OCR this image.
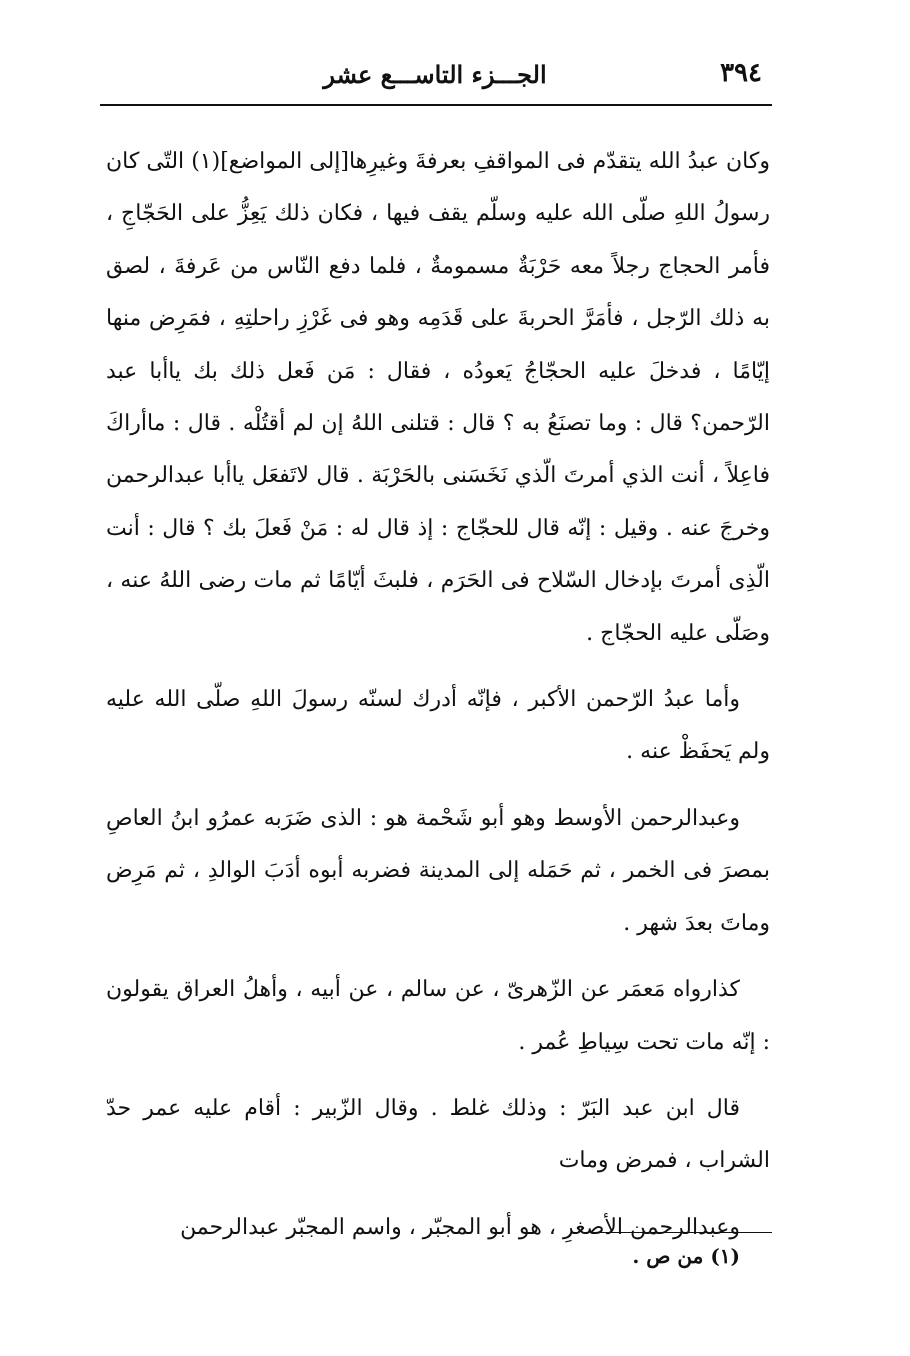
٣٩٤
الجـــزء التاســـع عشر

وكان عبدُ الله يتقدّم فى المواقفِ بعرفةَ وغيرِها[إلى المواضع](١) التّى كان رسولُ اللهِ صلّى الله عليه وسلّم يقف فيها ، فكان ذلك يَعِزُّ على الحَجّاجِ ، فأمر الحجاج رجلاً معه حَرْبَةٌ مسمومةٌ ، فلما دفع النّاس من عَرفةَ ، لصق به ذلك الرّجل ، فأمَرَّ الحربةَ على قَدَمِه وهو فى غَرْزِ راحلتِهِ ، فمَرِض منها إيّامًا ، فدخلَ عليه الحجّاجُ يَعودُه ، فقال : مَن فَعل ذلك بك ياأبا عبد الرّحمن؟ قال : وما تصنَعُ به ؟ قال : قتلنى اللهُ إن لم أقتُلْه . قال : ماأراكَ فاعِلاً ، أنت الذي أمرتَ الّذي نَخَسَنى بالحَرْبَة . قال لاتَفعَل ياأبا عبدالرحمن وخرجَ عنه . وقيل : إنّه قال للحجّاج : إذ قال له : مَنْ فَعلَ بك ؟ قال : أنت الّذِى أمرتَ بإدخال السّلاح فى الحَرَم ، فلبثَ أيّامًا ثم مات رضى اللهُ عنه ، وصَلّى عليه الحجّاج .

وأما عبدُ الرّحمن الأكبر ، فإنّه أدرك لسنّه رسولَ اللهِ صلّى الله عليه ولم يَحفَظْ عنه .

وعبدالرحمن الأوسط وهو أبو شَحْمة هو : الذى ضَرَبه عمرُو ابنُ العاصِ بمصرَ فى الخمر ، ثم حَمَله إلى المدينة فضربه أبوه أدَبَ الوالدِ ، ثم مَرِض وماتَ بعدَ شهر .

كذارواه مَعمَر عن الزّهرىّ ، عن سالم ، عن أبيه ، وأهلُ العراق يقولون : إنّه مات تحت سِياطِ عُمر .

قال ابن عبد البَرّ : وذلك غلط . وقال الزّبير : أقام عليه عمر حدّ الشراب ، فمرض ومات

وعبدالرحمن الأصغرِ ، هو أبو المجبّر ، واسم المجبّر عبدالرحمن

(١) من ص .
